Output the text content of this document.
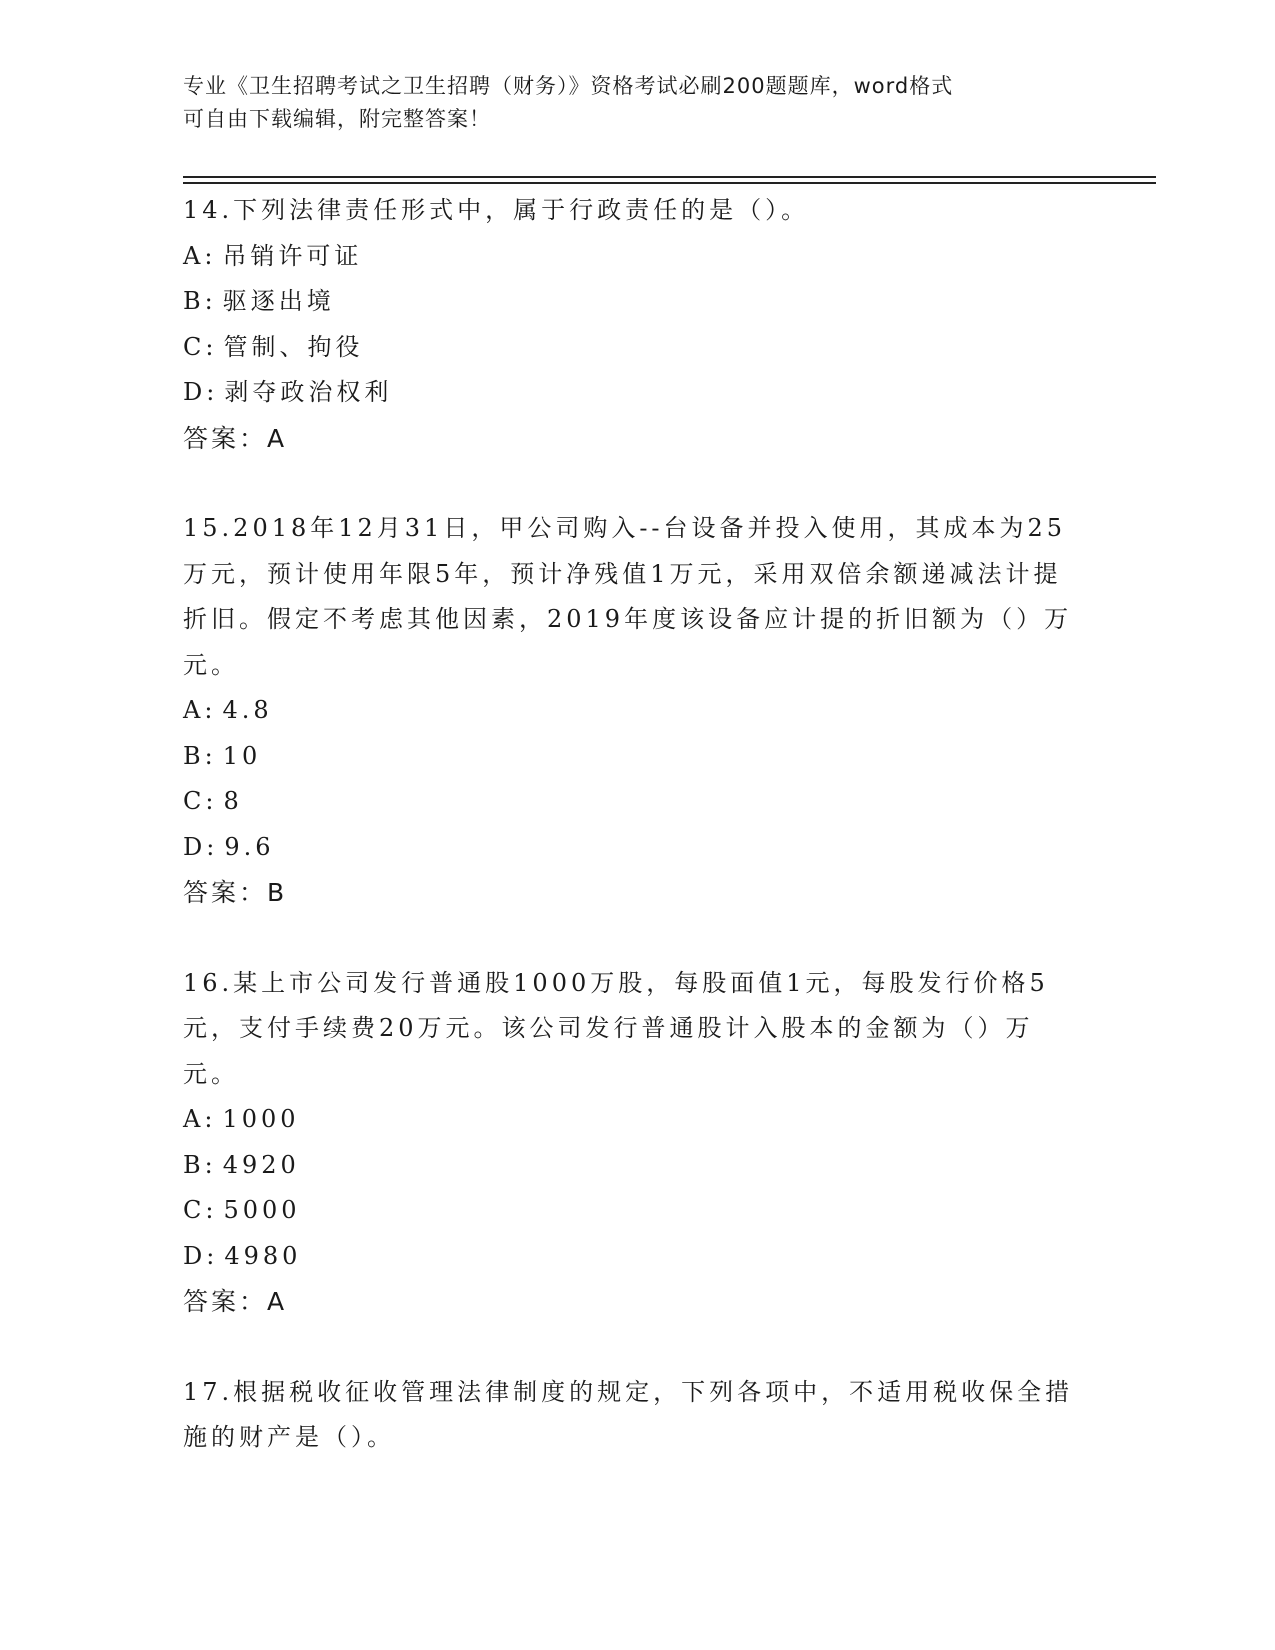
专业《卫生招聘考试之卫生招聘（财务）》资格考试必刷200题题库，word格式
可自由下载编辑，附完整答案！

14.下列法律责任形式中，属于行政责任的是（）。

A : 吊销许可证
B : 驱逐出境
C : 管制、拘役
D : 剥夺政治权利
答案：A

15.2018年12月31日，甲公司购入--台设备并投入使用，其成本为25万元，预计使用年限5年，预计净残值1万元，采用双倍余额递减法计提折旧。假定不考虑其他因素，2019年度该设备应计提的折旧额为（）万元。

A : 4.8
B : 10
C : 8
D : 9.6
答案：B

16.某上市公司发行普通股1000万股，每股面值1元，每股发行价格5元，支付手续费20万元。该公司发行普通股计入股本的金额为（）万元。

A : 1000
B : 4920
C : 5000
D : 4980
答案：A

17.根据税收征收管理法律制度的规定，下列各项中，不适用税收保全措施的财产是（）。
